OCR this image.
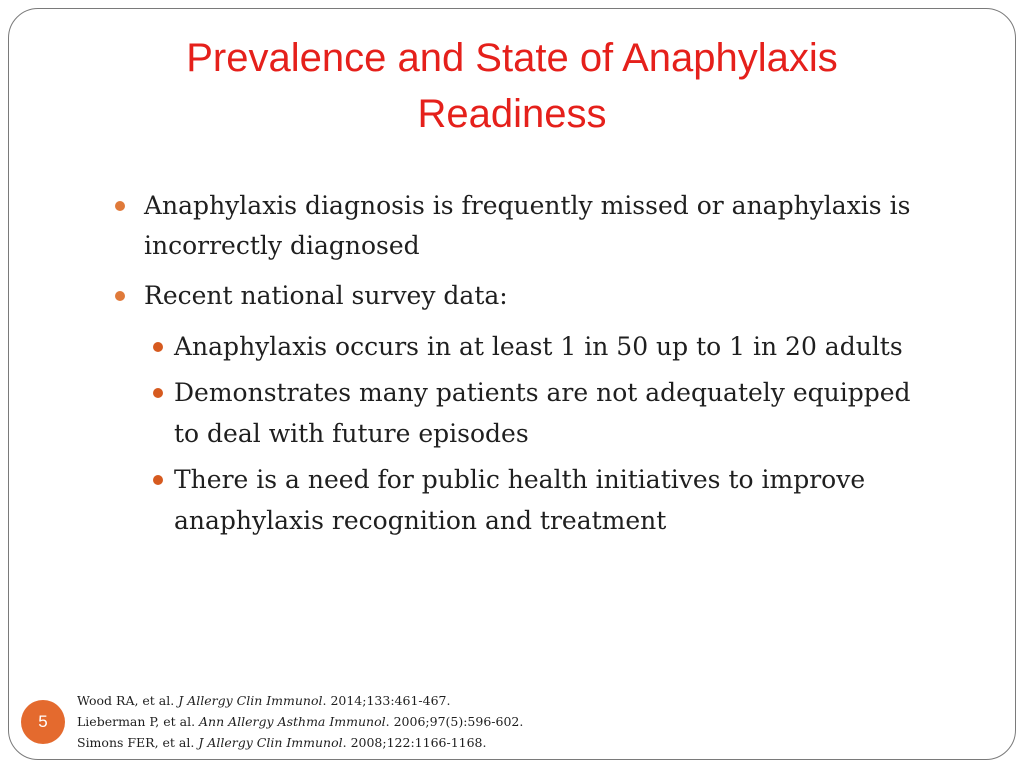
Prevalence and State of Anaphylaxis
Readiness
Anaphylaxis diagnosis is frequently missed or anaphylaxis is incorrectly diagnosed
Recent national survey data:
Anaphylaxis occurs in at least 1 in 50 up to 1 in 20 adults
Demonstrates many patients are not adequately equipped to deal with future episodes
There is a need for public health initiatives to improve anaphylaxis recognition and treatment
5
Wood RA, et al. J Allergy Clin Immunol. 2014;133:461-467.
Lieberman P, et al. Ann Allergy Asthma Immunol. 2006;97(5):596-602.
Simons FER, et al. J Allergy Clin Immunol. 2008;122:1166-1168.
